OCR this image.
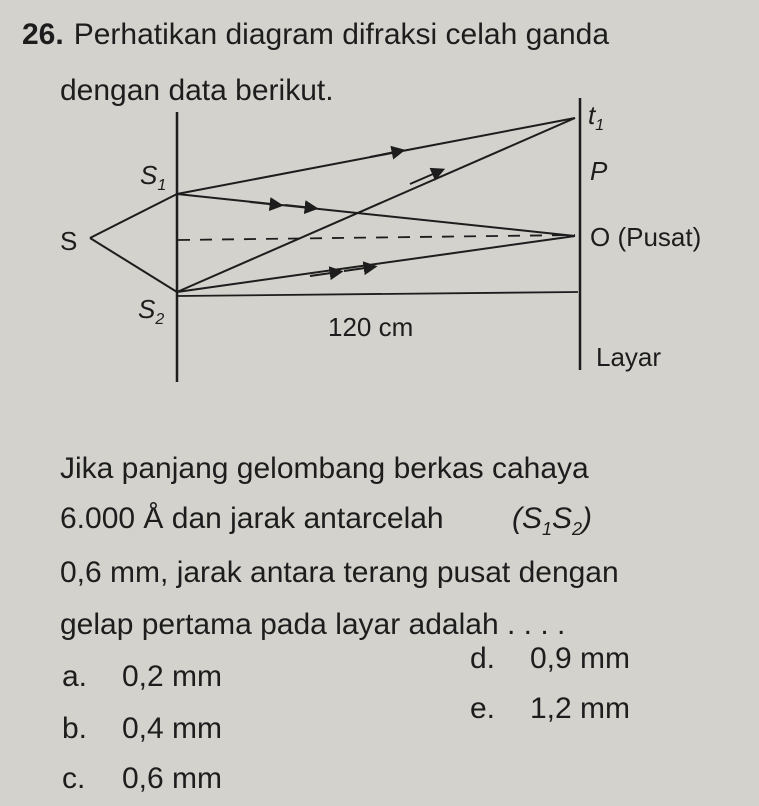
26. Perhatikan diagram difraksi celah ganda
dengan data berikut.
$S_1$
S
$S_2$
$t_1$
P
O (Pusat)
120 cm
Layar
Jika panjang gelombang berkas cahaya
6.000 Å dan jarak antarcelah $(S_1S_2)$
0,6 mm, jarak antara terang pusat dengan
gelap pertama pada layar adalah . . . .
a. 0,2 mm
b. 0,4 mm
c. 0,6 mm
d. 0,9 mm
e. 1,2 mm
